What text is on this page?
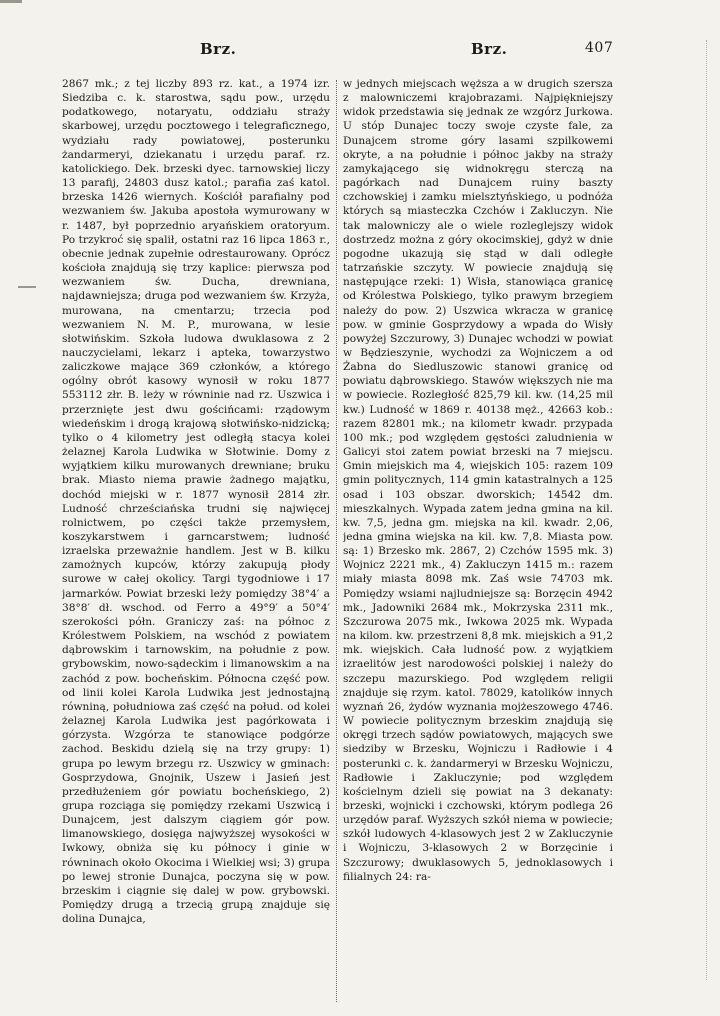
Brz.	Brz.	407
2867 mk.; z tej liczby 893 rz. kat., a 1974 izr. Siedziba c. k. starostwa, sądu pow., urzędu podatkowego, notaryatu, oddziału straży skarbowej, urzędu pocztowego i telegraficznego, wydziału rady powiatowej, posterunku żandarmeryi, dziekanatu i urzędu paraf. rz. katolickiego. Dek. brzeski dyec. tarnowskiej liczy 13 parafij, 24803 dusz katol.; parafia zaś katol. brzeska 1426 wiernych. Kościół parafialny pod wezwaniem św. Jakuba apostoła wymurowany w r. 1487, był poprzednio aryańskiem oratoryum. Po trzykroć się spalił, ostatni raz 16 lipca 1863 r., obecnie jednak zupełnie odrestaurowany. Oprócz kościoła znajdują się trzy kaplice: pierwsza pod wezwaniem św. Ducha, drewniana, najdawniejsza; druga pod wezwaniem św. Krzyża, murowana, na cmentarzu; trzecia pod wezwaniem N. M. P., murowana, w lesie słotwińskim. Szkoła ludowa dwuklasowa z 2 nauczycielami, lekarz i apteka, towarzystwo zaliczkowe mające 369 członków, a którego ogólny obrót kasowy wynosił w roku 1877 553112 złr. B. leży w równinie nad rz. Uszwica i przerznięte jest dwu gościńcami: rządowym wiedeńskim i drogą krajową słotwińsko-nidzicką; tylko o 4 kilometry jest odległą stacya kolei żelaznej Karola Ludwika w Słotwinie. Domy z wyjątkiem kilku murowanych drewniane; bruku brak. Miasto niema prawie żadnego majątku, dochód miejski w r. 1877 wynosił 2814 złr. Ludność chrześciańska trudni się najwięcej rolnictwem, po części także przemysłem, koszykarstwem i garncarstwem; ludność izraelska przeważnie handlem. Jest w B. kilku zamożnych kupców, którzy zakupują płody surowe w całej okolicy. Targi tygodniowe i 17 jarmarków. Powiat brzeski leży pomiędzy 38°4′ a 38°8′ dł. wschod. od Ferro a 49°9′ a 50°4′ szerokości półn. Graniczy zaś: na północ z Królestwem Polskiem, na wschód z powiatem dąbrowskim i tarnowskim, na południe z pow. grybowskim, nowo-sądeckim i limanowskim a na zachód z pow. bocheńskim. Północna część pow. od linii kolei Karola Ludwika jest jednostajną równiną, południowa zaś część na połud. od kolei żelaznej Karola Ludwika jest pagórkowata i górzysta. Wzgórza te stanowiące podgórze zachod. Beskidu dzielą się na trzy grupy: 1) grupa po lewym brzegu rz. Uszwicy w gminach: Gosprzydowa, Gnojnik, Uszew i Jasień jest przedłużeniem gór powiatu bocheńskiego, 2) grupa rozciąga się pomiędzy rzekami Uszwicą i Dunajcem, jest dalszym ciągiem gór pow. limanowskiego, dosięga najwyższej wysokości w Iwkowy, obniża się ku północy i ginie w równinach około Okocima i Wielkiej wsi; 3) grupa po lewej stronie Dunajca, poczyna się w pow. brzeskim i ciągnie się dalej w pow. grybowski. Pomiędzy drugą a trzecią grupą znajduje się dolina Dunajca,
w jednych miejscach węższa a w drugich szersza z malowniczemi krajobrazami. Najpiękniejszy widok przedstawia się jednak ze wzgórz Jurkowa. U stóp Dunajec toczy swoje czyste fale, za Dunajcem strome góry lasami szpilkowemi okryte, a na południe i północ jakby na straży zamykającego się widnokręgu sterczą na pagórkach nad Dunajcem ruiny baszty czchowskiej i zamku mielsztyńskiego, u podnóża których są miasteczka Czchów i Zakluczyn. Nie tak malowniczy ale o wiele rozleglejszy widok dostrzedz można z góry okocimskiej, gdyż w dnie pogodne ukazują się stąd w dali odległe tatrzańskie szczyty. W powiecie znajdują się następujące rzeki: 1) Wisła, stanowiąca granicę od Królestwa Polskiego, tylko prawym brzegiem należy do pow. 2) Uszwica wkracza w granicę pow. w gminie Gosprzydowy a wpada do Wisły powyżej Szczurowy, 3) Dunajec wchodzi w powiat w Będzieszynie, wychodzi za Wojniczem a od Żabna do Siedluszowic stanowi granicę od powiatu dąbrowskiego. Stawów większych nie ma w powiecie. Rozległość 825,79 kil. kw. (14,25 mil kw.) Ludność w 1869 r. 40138 męż., 42663 kob.: razem 82801 mk.; na kilometr kwadr. przypada 100 mk.; pod względem gęstości zaludnienia w Galicyi stoi zatem powiat brzeski na 7 miejscu. Gmin miejskich ma 4, wiejskich 105: razem 109 gmin politycznych, 114 gmin katastralnych a 125 osad i 103 obszar. dworskich; 14542 dm. mieszkalnych. Wypada zatem jedna gmina na kil. kw. 7,5, jedna gm. miejska na kil. kwadr. 2,06, jedna gmina wiejska na kil. kw. 7,8. Miasta pow. są: 1) Brzesko mk. 2867, 2) Czchów 1595 mk. 3) Wojnicz 2221 mk., 4) Zakluczyn 1415 m.: razem miały miasta 8098 mk. Zaś wsie 74703 mk. Pomiędzy wsiami najludniejsze są: Borzęcin 4942 mk., Jadowniki 2684 mk., Mokrzyska 2311 mk., Szczurowa 2075 mk., Iwkowa 2025 mk. Wypada na kilom. kw. przestrzeni 8,8 mk. miejskich a 91,2 mk. wiejskich. Cała ludność pow. z wyjątkiem izraelitów jest narodowości polskiej i należy do szczepu mazurskiego. Pod względem religii znajduje się rzym. katol. 78029, katolików innych wyznań 26, żydów wyznania mojżeszowego 4746. W powiecie politycznym brzeskim znajdują się okręgi trzech sądów powiatowych, mających swe siedziby w Brzesku, Wojniczu i Radłowie i 4 posterunki c. k. żandarmeryi w Brzesku Wojniczu, Radłowie i Zakluczynie; pod względem kościelnym dzieli się powiat na 3 dekanaty: brzeski, wojnicki i czchowski, którym podlega 26 urzędów paraf. Wyższych szkół niema w powiecie; szkół ludowych 4-klasowych jest 2 w Zakluczynie i Wojniczu, 3-klasowych 2 w Borzęcinie i Szczurowy; dwuklasowych 5, jednoklasowych i filialnych 24: ra-
